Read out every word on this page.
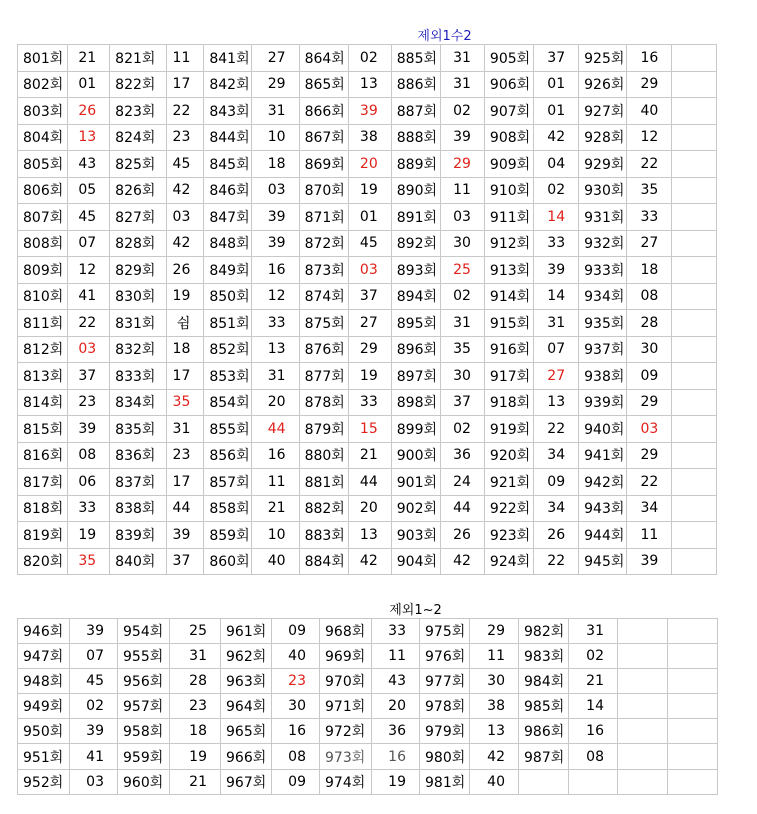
제외1수2
801회	21	821회	11	841회	27	864회	02	885회	31	905회	37	925회	16	
802회	01	822회	17	842회	29	865회	13	886회	31	906회	01	926회	29	
803회	26	823회	22	843회	31	866회	39	887회	02	907회	01	927회	40	
804회	13	824회	23	844회	10	867회	38	888회	39	908회	42	928회	12	
805회	43	825회	45	845회	18	869회	20	889회	29	909회	04	929회	22	
806회	05	826회	42	846회	03	870회	19	890회	11	910회	02	930회	35	
807회	45	827회	03	847회	39	871회	01	891회	03	911회	14	931회	33	
808회	07	828회	42	848회	39	872회	45	892회	30	912회	33	932회	27	
809회	12	829회	26	849회	16	873회	03	893회	25	913회	39	933회	18	
810회	41	830회	19	850회	12	874회	37	894회	02	914회	14	934회	08	
811회	22	831회	쉼	851회	33	875회	27	895회	31	915회	31	935회	28	
812회	03	832회	18	852회	13	876회	29	896회	35	916회	07	937회	30	
813회	37	833회	17	853회	31	877회	19	897회	30	917회	27	938회	09	
814회	23	834회	35	854회	20	878회	33	898회	37	918회	13	939회	29	
815회	39	835회	31	855회	44	879회	15	899회	02	919회	22	940회	03	
816회	08	836회	23	856회	16	880회	21	900회	36	920회	34	941회	29	
817회	06	837회	17	857회	11	881회	44	901회	24	921회	09	942회	22	
818회	33	838회	44	858회	21	882회	20	902회	44	922회	34	943회	34	
819회	19	839회	39	859회	10	883회	13	903회	26	923회	26	944회	11	
820회	35	840회	37	860회	40	884회	42	904회	42	924회	22	945회	39	
제외1~2
946회	39	954회	25	961회	09	968회	33	975회	29	982회	31		
947회	07	955회	31	962회	40	969회	11	976회	11	983회	02		
948회	45	956회	28	963회	23	970회	43	977회	30	984회	21		
949회	02	957회	23	964회	30	971회	20	978회	38	985회	14		
950회	39	958회	18	965회	16	972회	36	979회	13	986회	16		
951회	41	959회	19	966회	08	973회	16	980회	42	987회	08		
952회	03	960회	21	967회	09	974회	19	981회	40				
